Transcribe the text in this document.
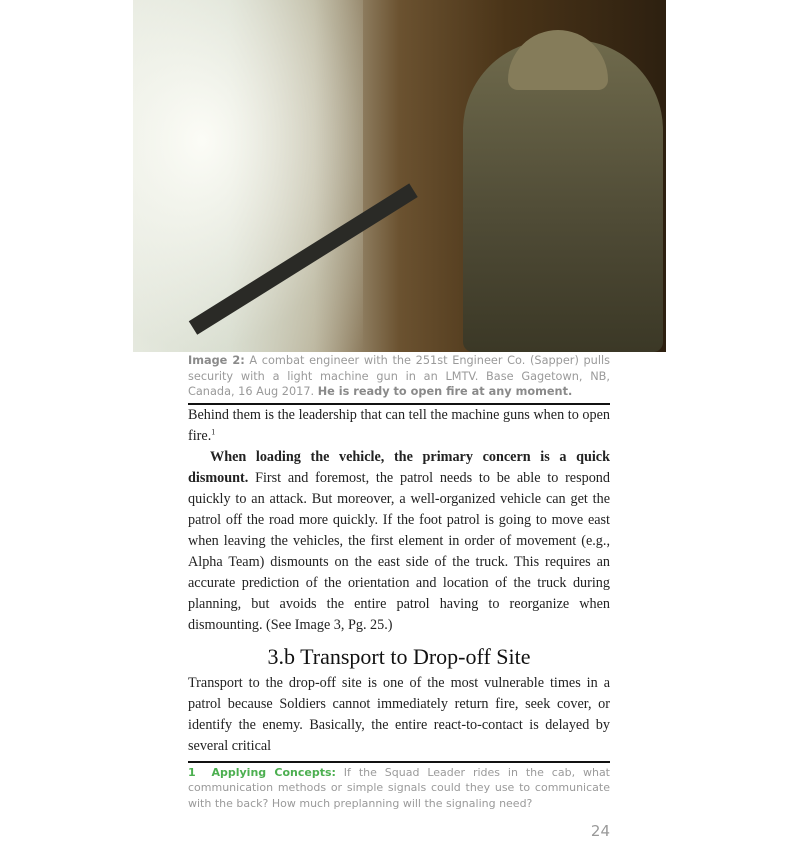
Image 2: A combat engineer with the 251st Engineer Co. (Sapper) pulls security with a light machine gun in an LMTV. Base Gagetown, NB, Canada, 16 Aug 2017. He is ready to open fire at any moment.

Behind them is the leadership that can tell the machine guns when to open fire.$^1$

When loading the vehicle, the primary concern is a quick dismount. First and foremost, the patrol needs to be able to respond quickly to an attack. But moreover, a well-organized vehicle can get the patrol off the road more quickly. If the foot patrol is going to move east when leaving the vehicles, the first element in order of movement (e.g., Alpha Team) dismounts on the east side of the truck. This requires an accurate prediction of the orientation and location of the truck during planning, but avoids the entire patrol having to reorganize when dismounting. (See Image 3, Pg. 25.)

3.b Transport to Drop-off Site

Transport to the drop-off site is one of the most vulnerable times in a patrol because Soldiers cannot immediately return fire, seek cover, or identify the enemy. Basically, the entire react-to-contact is delayed by several critical

1 Applying Concepts: If the Squad Leader rides in the cab, what communication methods or simple signals could they use to communicate with the back? How much preplanning will the signaling need?
24
